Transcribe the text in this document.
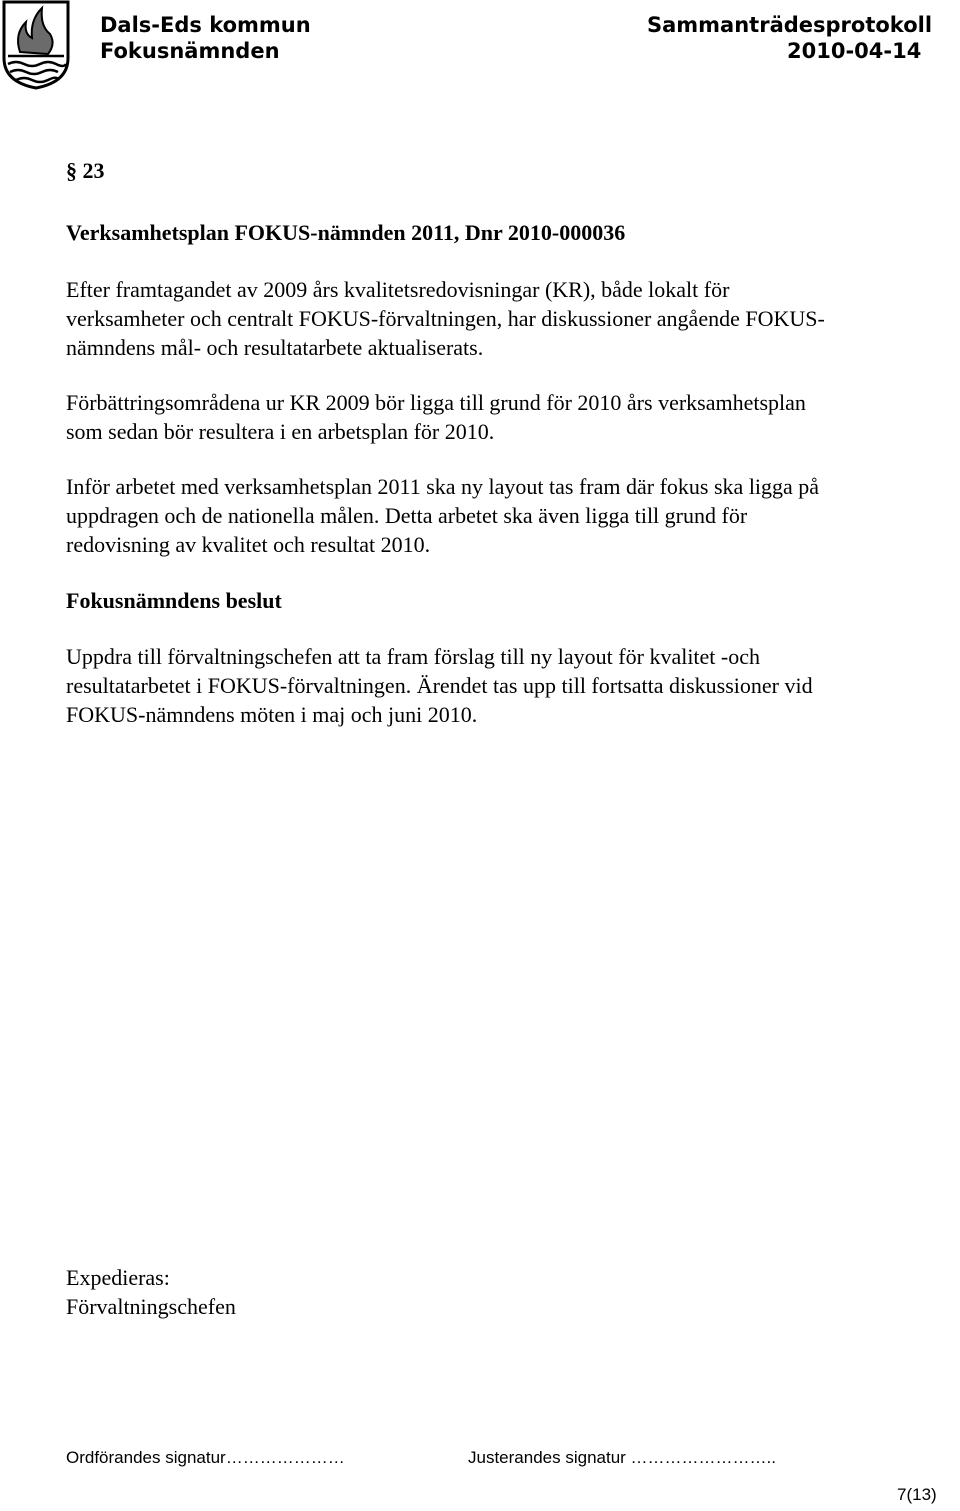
Dals-Eds kommun
Fokusnämnden
Sammanträdesprotokoll
2010-04-14
§ 23
Verksamhetsplan FOKUS-nämnden 2011, Dnr 2010-000036
Efter framtagandet av 2009 års kvalitetsredovisningar (KR), både lokalt för
verksamheter och centralt FOKUS-förvaltningen, har diskussioner angående FOKUS-
nämndens mål- och resultatarbete aktualiserats.
Förbättringsområdena ur KR 2009 bör ligga till grund för 2010 års verksamhetsplan
som sedan bör resultera i en arbetsplan för 2010.
Inför arbetet med verksamhetsplan 2011 ska ny layout tas fram där fokus ska ligga på
uppdragen och de nationella målen. Detta arbetet ska även ligga till grund för
redovisning av kvalitet och resultat 2010.
Fokusnämndens beslut
Uppdra till förvaltningschefen att ta fram förslag till ny layout för kvalitet -och
resultatarbetet i FOKUS-förvaltningen. Ärendet tas upp till fortsatta diskussioner vid
FOKUS-nämndens möten i maj och juni 2010.
Expedieras:
Förvaltningschefen
Ordförandes signatur…………………	Justerandes signatur ……………………..
7(13)
